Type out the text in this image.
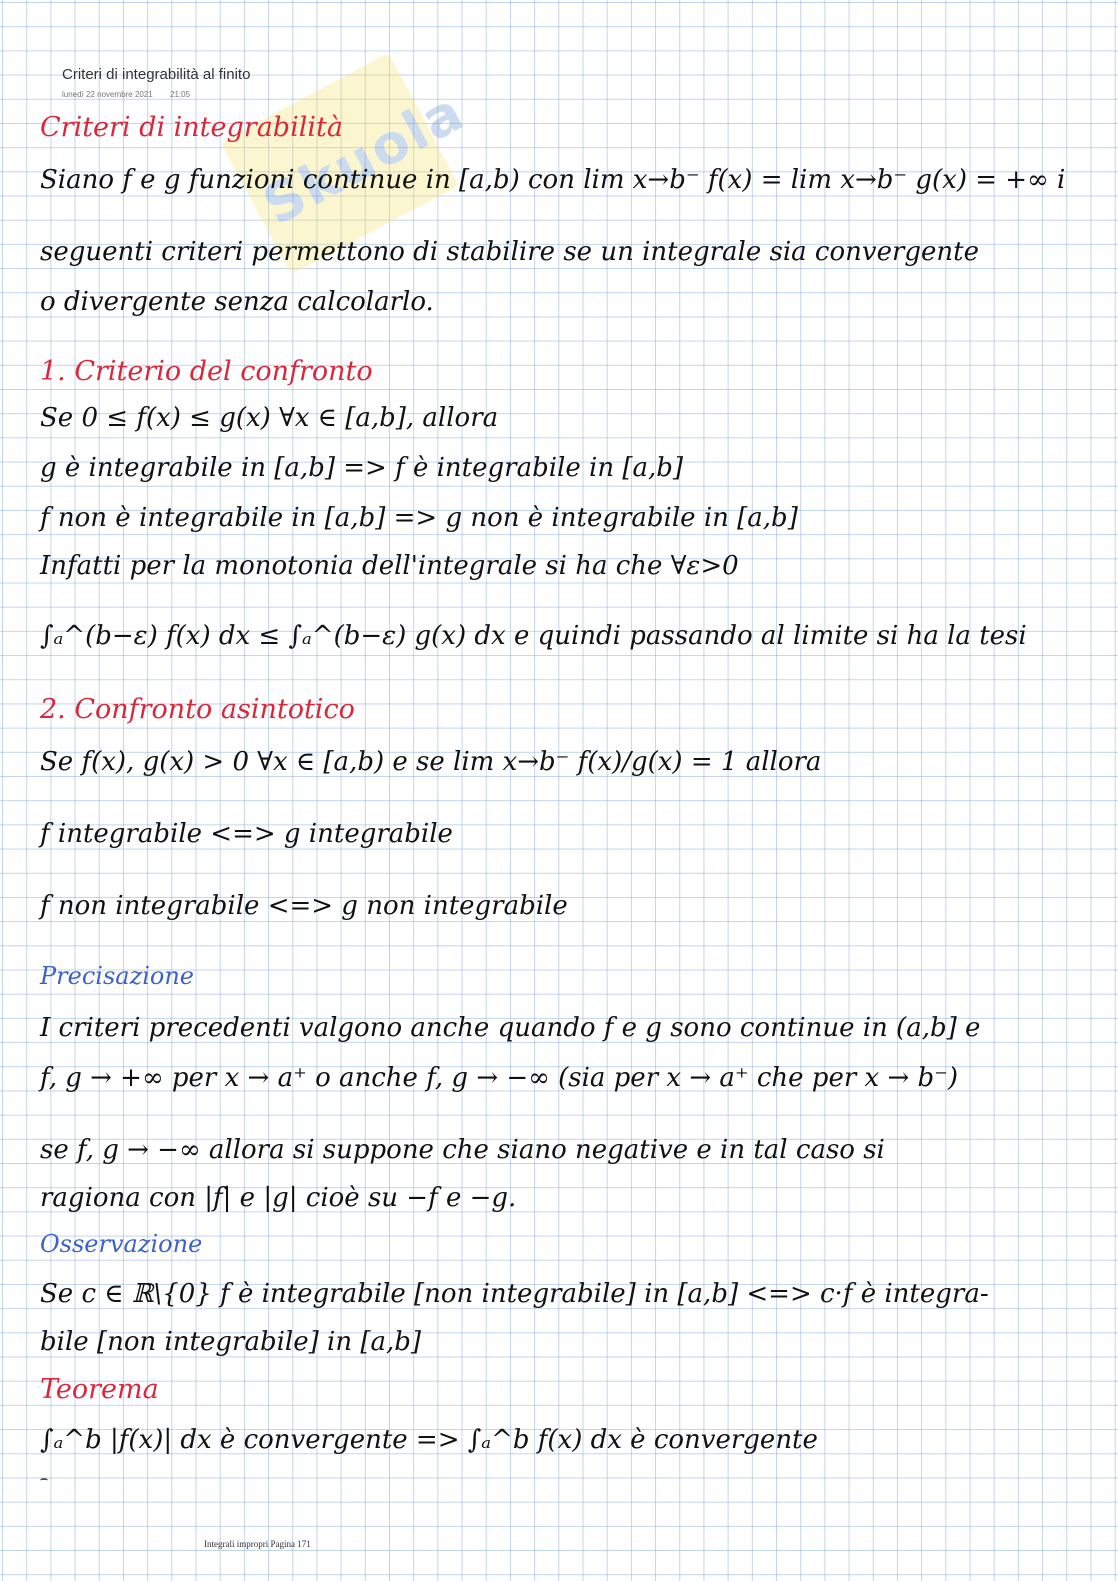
Skuola
Criteri di integrabilità al finito
lunedì 22 novembre 2021 21:05
Criteri di integrabilità
Siano f e g funzioni continue in [a,b) con lim x→b⁻ f(x) = lim x→b⁻ g(x) = +∞ i
seguenti criteri permettono di stabilire se un integrale sia convergente
o divergente senza calcolarlo.
1. Criterio del confronto
Se 0 ≤ f(x) ≤ g(x) ∀x ∈ [a,b], allora
g è integrabile in [a,b] => f è integrabile in [a,b]
f non è integrabile in [a,b] => g non è integrabile in [a,b]
Infatti per la monotonia dell'integrale si ha che ∀ε>0
∫ₐ^(b−ε) f(x) dx ≤ ∫ₐ^(b−ε) g(x) dx e quindi passando al limite si ha la tesi
2. Confronto asintotico
Se f(x), g(x) > 0 ∀x ∈ [a,b) e se lim x→b⁻ f(x)/g(x) = 1 allora
f integrabile <=> g integrabile
f non integrabile <=> g non integrabile
Precisazione
I criteri precedenti valgono anche quando f e g sono continue in (a,b] e
f, g → +∞ per x → a⁺ o anche f, g → −∞ (sia per x → a⁺ che per x → b⁻)
se f, g → −∞ allora si suppone che siano negative e in tal caso si
ragiona con |f| e |g| cioè su −f e −g.
Osservazione
Se c ∈ ℝ\{0} f è integrabile [non integrabile] in [a,b] <=> c·f è integra-
bile [non integrabile] in [a,b]
Teorema
∫ₐ^b |f(x)| dx è convergente => ∫ₐ^b f(x) dx è convergente
Integrali impropri Pagina 171
